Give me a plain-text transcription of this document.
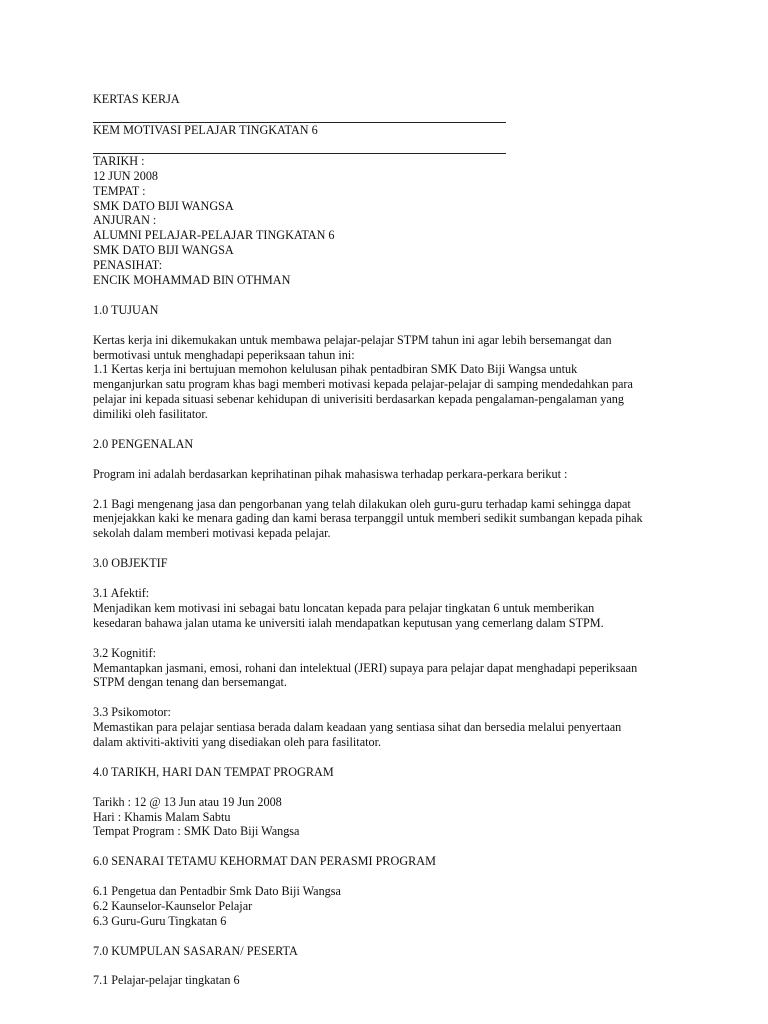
KERTAS KERJA
KEM MOTIVASI PELAJAR TINGKATAN 6
TARIKH :
12 JUN 2008
TEMPAT :
SMK DATO BIJI WANGSA
ANJURAN :
ALUMNI PELAJAR-PELAJAR TINGKATAN 6
SMK DATO BIJI WANGSA
PENASIHAT:
ENCIK MOHAMMAD BIN OTHMAN
1.0 TUJUAN
Kertas kerja ini dikemukakan untuk membawa pelajar-pelajar STPM tahun ini agar lebih bersemangat dan
bermotivasi untuk menghadapi peperiksaan tahun ini:
1.1 Kertas kerja ini bertujuan memohon kelulusan pihak pentadbiran SMK Dato Biji Wangsa untuk
menganjurkan satu program khas bagi memberi motivasi kepada pelajar-pelajar di samping mendedahkan para
pelajar ini kepada situasi sebenar kehidupan di univerisiti berdasarkan kepada pengalaman-pengalaman yang
dimiliki oleh fasilitator.
2.0 PENGENALAN
Program ini adalah berdasarkan keprihatinan pihak mahasiswa terhadap perkara-perkara berikut :
2.1 Bagi mengenang jasa dan pengorbanan yang telah dilakukan oleh guru-guru terhadap kami sehingga dapat
menjejakkan kaki ke menara gading dan kami berasa terpanggil untuk memberi sedikit sumbangan kepada pihak
sekolah dalam memberi motivasi kepada pelajar.
3.0 OBJEKTIF
3.1 Afektif:
Menjadikan kem motivasi ini sebagai batu loncatan kepada para pelajar tingkatan 6 untuk memberikan
kesedaran bahawa jalan utama ke universiti ialah mendapatkan keputusan yang cemerlang dalam STPM.
3.2 Kognitif:
Memantapkan jasmani, emosi, rohani dan intelektual (JERI) supaya para pelajar dapat menghadapi peperiksaan
STPM dengan tenang dan bersemangat.
3.3 Psikomotor:
Memastikan para pelajar sentiasa berada dalam keadaan yang sentiasa sihat dan bersedia melalui penyertaan
dalam aktiviti-aktiviti yang disediakan oleh para fasilitator.
4.0 TARIKH, HARI DAN TEMPAT PROGRAM
Tarikh : 12 @ 13 Jun atau 19 Jun 2008
Hari : Khamis Malam Sabtu
Tempat Program : SMK Dato Biji Wangsa
6.0 SENARAI TETAMU KEHORMAT DAN PERASMI PROGRAM
6.1 Pengetua dan Pentadbir Smk Dato Biji Wangsa
6.2 Kaunselor-Kaunselor Pelajar
6.3 Guru-Guru Tingkatan 6
7.0 KUMPULAN SASARAN/ PESERTA
7.1 Pelajar-pelajar tingkatan 6
